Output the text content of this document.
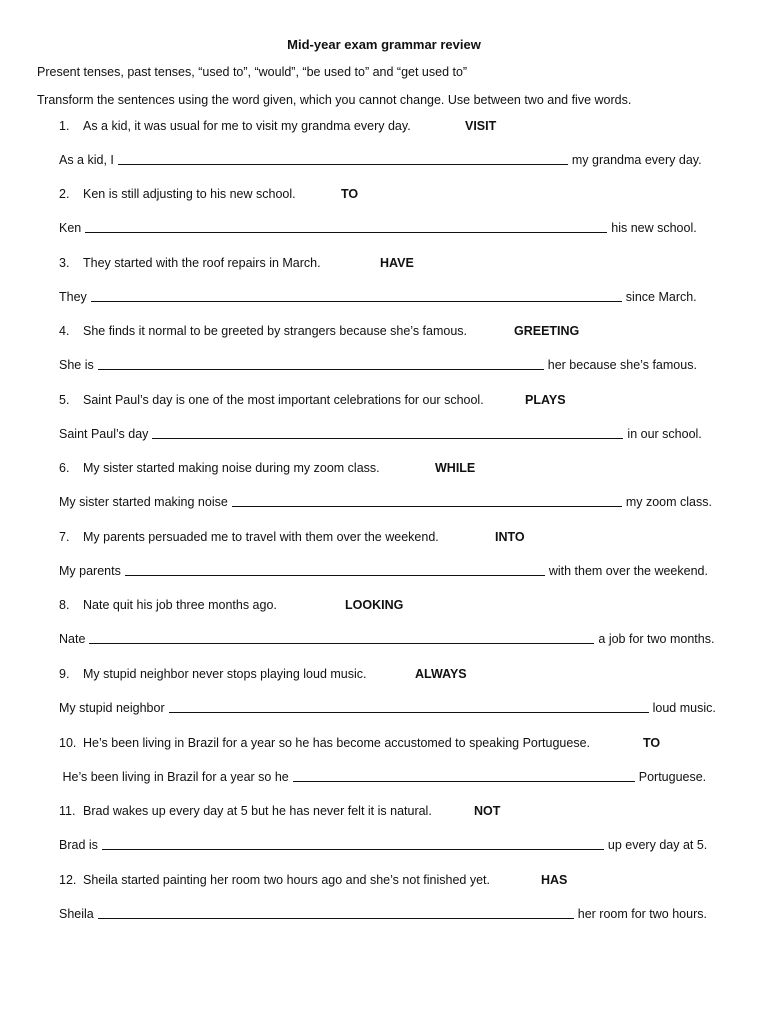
Mid-year exam grammar review
Present tenses, past tenses, “used to”, “would”, “be used to” and “get used to”
Transform the sentences using the word given, which you cannot change. Use between two and five words.
1. As a kid, it was usual for me to visit my grandma every day.	VISIT
As a kid, I	my grandma every day.
2. Ken is still adjusting to his new school.	TO
Ken	his new school.
3. They started with the roof repairs in March.	HAVE
They	since March.
4. She finds it normal to be greeted by strangers because she’s famous.	GREETING
She is	her because she’s famous.
5. Saint Paul’s day is one of the most important celebrations for our school.	PLAYS
Saint Paul’s day	in our school.
6. My sister started making noise during my zoom class.	WHILE
My sister started making noise	my zoom class.
7. My parents persuaded me to travel with them over the weekend.	INTO
My parents	with them over the weekend.
8. Nate quit his job three months ago.	LOOKING
Nate	a job for two months.
9. My stupid neighbor never stops playing loud music.	ALWAYS
My stupid neighbor	loud music.
10. He’s been living in Brazil for a year so he has become accustomed to speaking Portuguese.	TO
He’s been living in Brazil for a year so he	Portuguese.
11. Brad wakes up every day at 5 but he has never felt it is natural.	NOT
Brad is	up every day at 5.
12. Sheila started painting her room two hours ago and she’s not finished yet.	HAS
Sheila	her room for two hours.
